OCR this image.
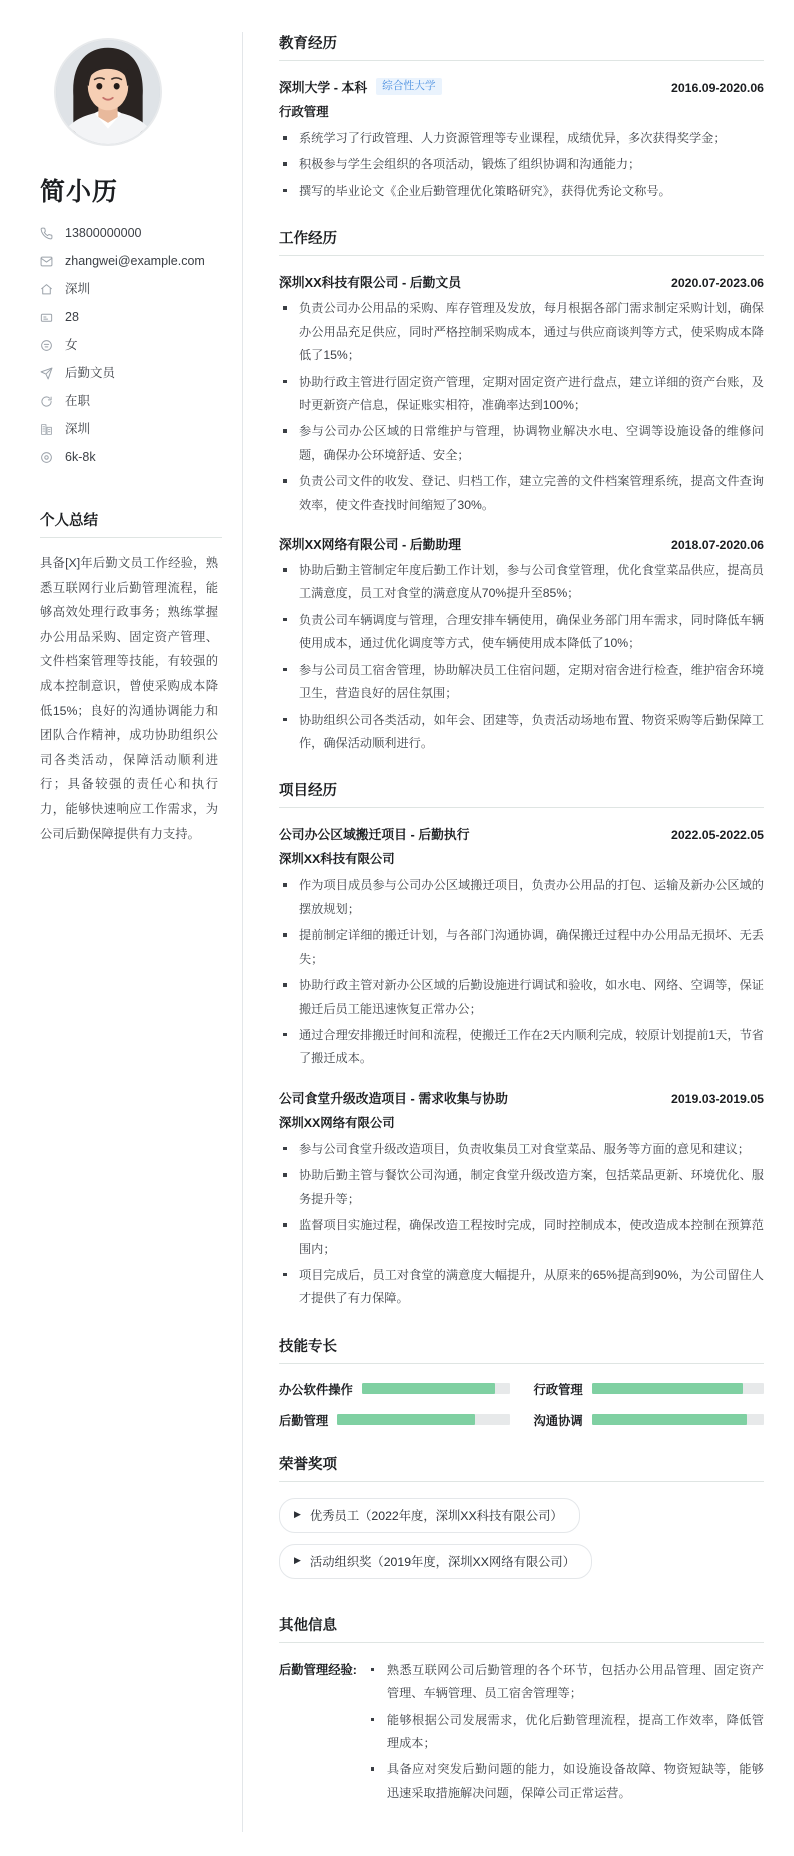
简小历
13800000000
zhangwei@example.com
深圳
28
女
后勤文员
在职
深圳
6k-8k
个人总结

具备[X]年后勤文员工作经验，熟悉互联网行业后勤管理流程，能够高效处理行政事务；熟练掌握办公用品采购、固定资产管理、文件档案管理等技能，有较强的成本控制意识，曾使采购成本降低15%；良好的沟通协调能力和团队合作精神，成功协助组织公司各类活动，保障活动顺利进行；具备较强的责任心和执行力，能够快速响应工作需求，为公司后勤保障提供有力支持。

教育经历
深圳大学 - 本科	综合性大学	2016.09-2020.06
行政管理
系统学习了行政管理、人力资源管理等专业课程，成绩优异，多次获得奖学金；
积极参与学生会组织的各项活动，锻炼了组织协调和沟通能力；
撰写的毕业论文《企业后勤管理优化策略研究》，获得优秀论文称号。
工作经历
深圳XX科技有限公司 - 后勤文员	2020.07-2023.06
负责公司办公用品的采购、库存管理及发放，每月根据各部门需求制定采购计划，确保办公用品充足供应，同时严格控制采购成本，通过与供应商谈判等方式，使采购成本降低了15%；
协助行政主管进行固定资产管理，定期对固定资产进行盘点，建立详细的资产台账，及时更新资产信息，保证账实相符，准确率达到100%；
参与公司办公区域的日常维护与管理，协调物业解决水电、空调等设施设备的维修问题，确保办公环境舒适、安全；
负责公司文件的收发、登记、归档工作，建立完善的文件档案管理系统，提高文件查询效率，使文件查找时间缩短了30%。
深圳XX网络有限公司 - 后勤助理	2018.07-2020.06
协助后勤主管制定年度后勤工作计划，参与公司食堂管理，优化食堂菜品供应，提高员工满意度，员工对食堂的满意度从70%提升至85%；
负责公司车辆调度与管理，合理安排车辆使用，确保业务部门用车需求，同时降低车辆使用成本，通过优化调度等方式，使车辆使用成本降低了10%；
参与公司员工宿舍管理，协助解决员工住宿问题，定期对宿舍进行检查，维护宿舍环境卫生，营造良好的居住氛围；
协助组织公司各类活动，如年会、团建等，负责活动场地布置、物资采购等后勤保障工作，确保活动顺利进行。
项目经历
公司办公区域搬迁项目 - 后勤执行	2022.05-2022.05
深圳XX科技有限公司
作为项目成员参与公司办公区域搬迁项目，负责办公用品的打包、运输及新办公区域的摆放规划；
提前制定详细的搬迁计划，与各部门沟通协调，确保搬迁过程中办公用品无损坏、无丢失；
协助行政主管对新办公区域的后勤设施进行调试和验收，如水电、网络、空调等，保证搬迁后员工能迅速恢复正常办公；
通过合理安排搬迁时间和流程，使搬迁工作在2天内顺利完成，较原计划提前1天，节省了搬迁成本。
公司食堂升级改造项目 - 需求收集与协助	2019.03-2019.05
深圳XX网络有限公司
参与公司食堂升级改造项目，负责收集员工对食堂菜品、服务等方面的意见和建议；
协助后勤主管与餐饮公司沟通，制定食堂升级改造方案，包括菜品更新、环境优化、服务提升等；
监督项目实施过程，确保改造工程按时完成，同时控制成本，使改造成本控制在预算范围内；
项目完成后，员工对食堂的满意度大幅提升，从原来的65%提高到90%，为公司留住人才提供了有力保障。
技能专长
办公软件操作	行政管理
后勤管理	沟通协调
荣誉奖项
▶ 优秀员工（2022年度，深圳XX科技有限公司）
▶ 活动组织奖（2019年度，深圳XX网络有限公司）
其他信息
后勤管理经验:	熟悉互联网公司后勤管理的各个环节，包括办公用品管理、固定资产管理、车辆管理、员工宿舍管理等；
能够根据公司发展需求，优化后勤管理流程，提高工作效率，降低管理成本；
具备应对突发后勤问题的能力，如设施设备故障、物资短缺等，能够迅速采取措施解决问题，保障公司正常运营。
